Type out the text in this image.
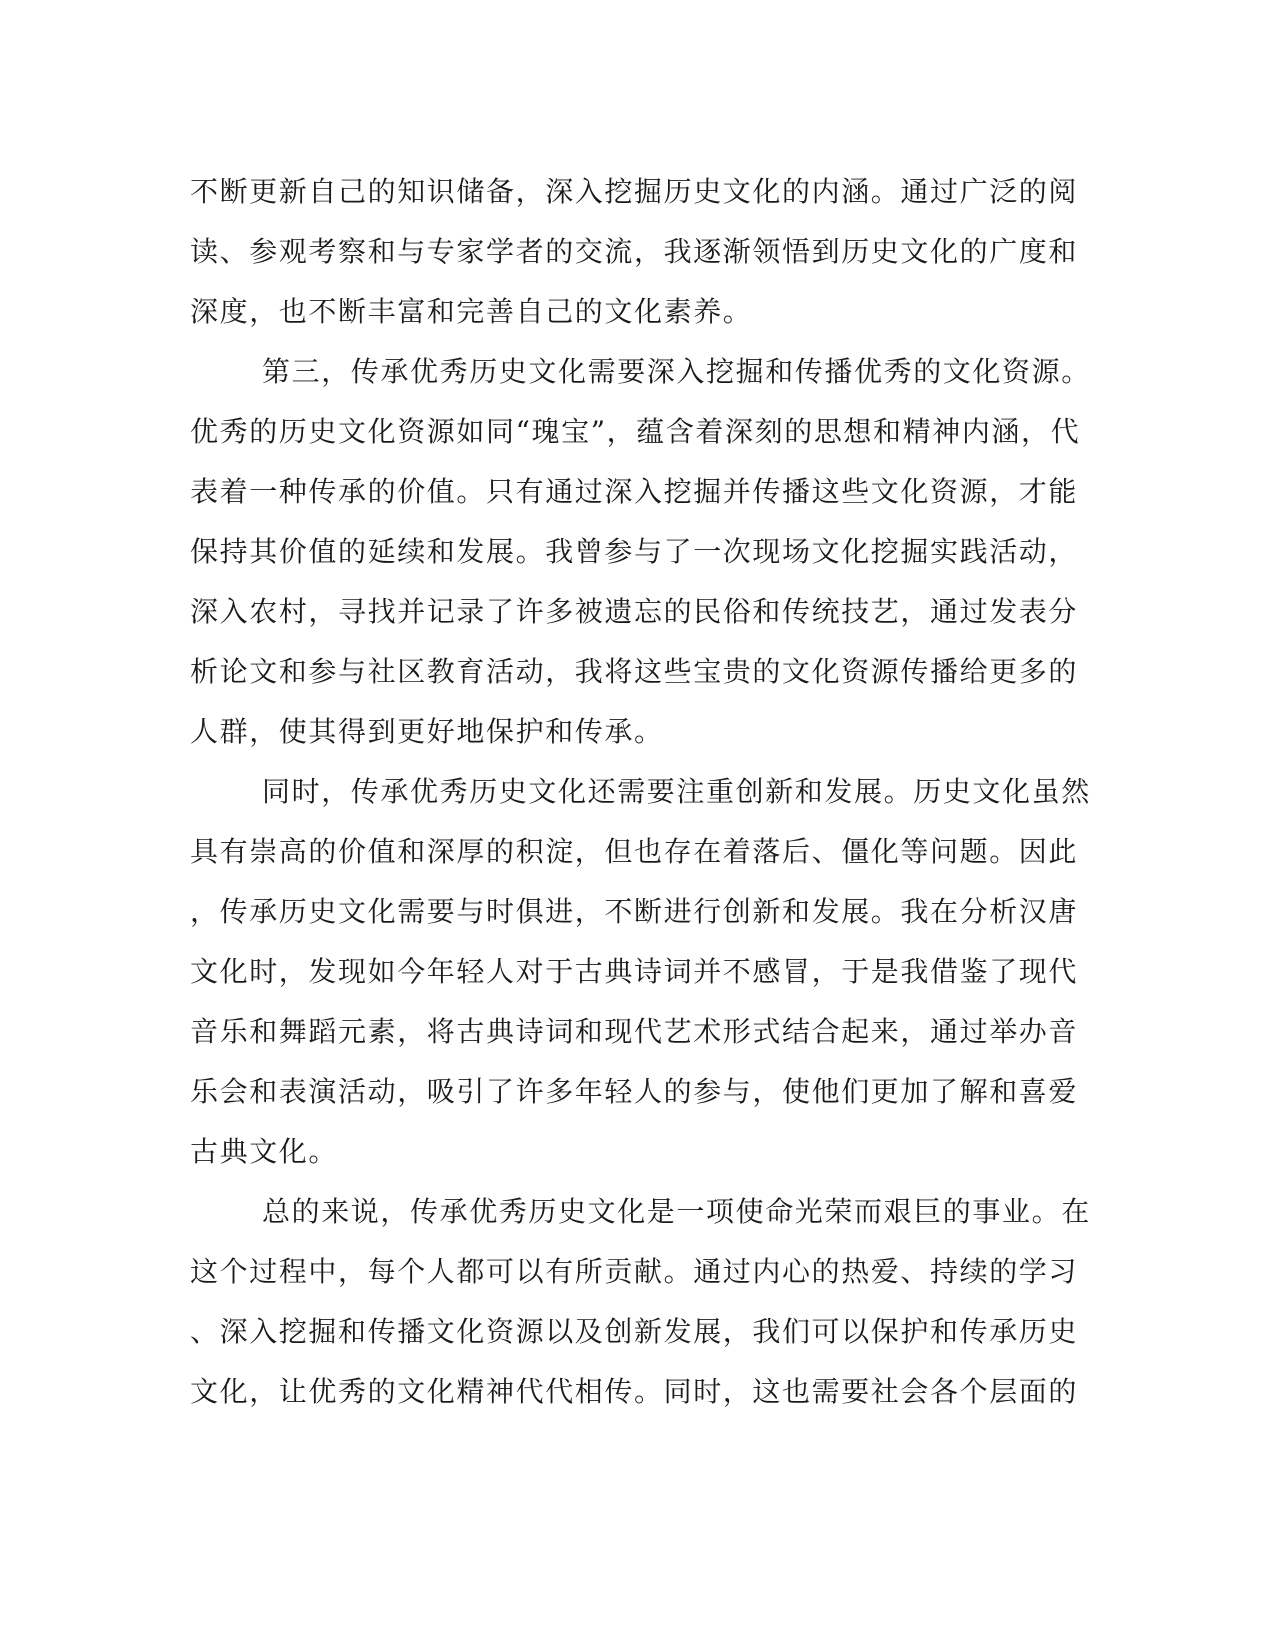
不断更新自己的知识储备，深入挖掘历史文化的内涵。通过广泛的阅
读、参观考察和与专家学者的交流，我逐渐领悟到历史文化的广度和
深度，也不断丰富和完善自己的文化素养。
第三，传承优秀历史文化需要深入挖掘和传播优秀的文化资源。
优秀的历史文化资源如同“瑰宝”，蕴含着深刻的思想和精神内涵，代
表着一种传承的价值。只有通过深入挖掘并传播这些文化资源，才能
保持其价值的延续和发展。我曾参与了一次现场文化挖掘实践活动，
深入农村，寻找并记录了许多被遗忘的民俗和传统技艺，通过发表分
析论文和参与社区教育活动，我将这些宝贵的文化资源传播给更多的
人群，使其得到更好地保护和传承。
同时，传承优秀历史文化还需要注重创新和发展。历史文化虽然
具有崇高的价值和深厚的积淀，但也存在着落后、僵化等问题。因此
，传承历史文化需要与时俱进，不断进行创新和发展。我在分析汉唐
文化时，发现如今年轻人对于古典诗词并不感冒，于是我借鉴了现代
音乐和舞蹈元素，将古典诗词和现代艺术形式结合起来，通过举办音
乐会和表演活动，吸引了许多年轻人的参与，使他们更加了解和喜爱
古典文化。
总的来说，传承优秀历史文化是一项使命光荣而艰巨的事业。在
这个过程中，每个人都可以有所贡献。通过内心的热爱、持续的学习
、深入挖掘和传播文化资源以及创新发展，我们可以保护和传承历史
文化，让优秀的文化精神代代相传。同时，这也需要社会各个层面的
